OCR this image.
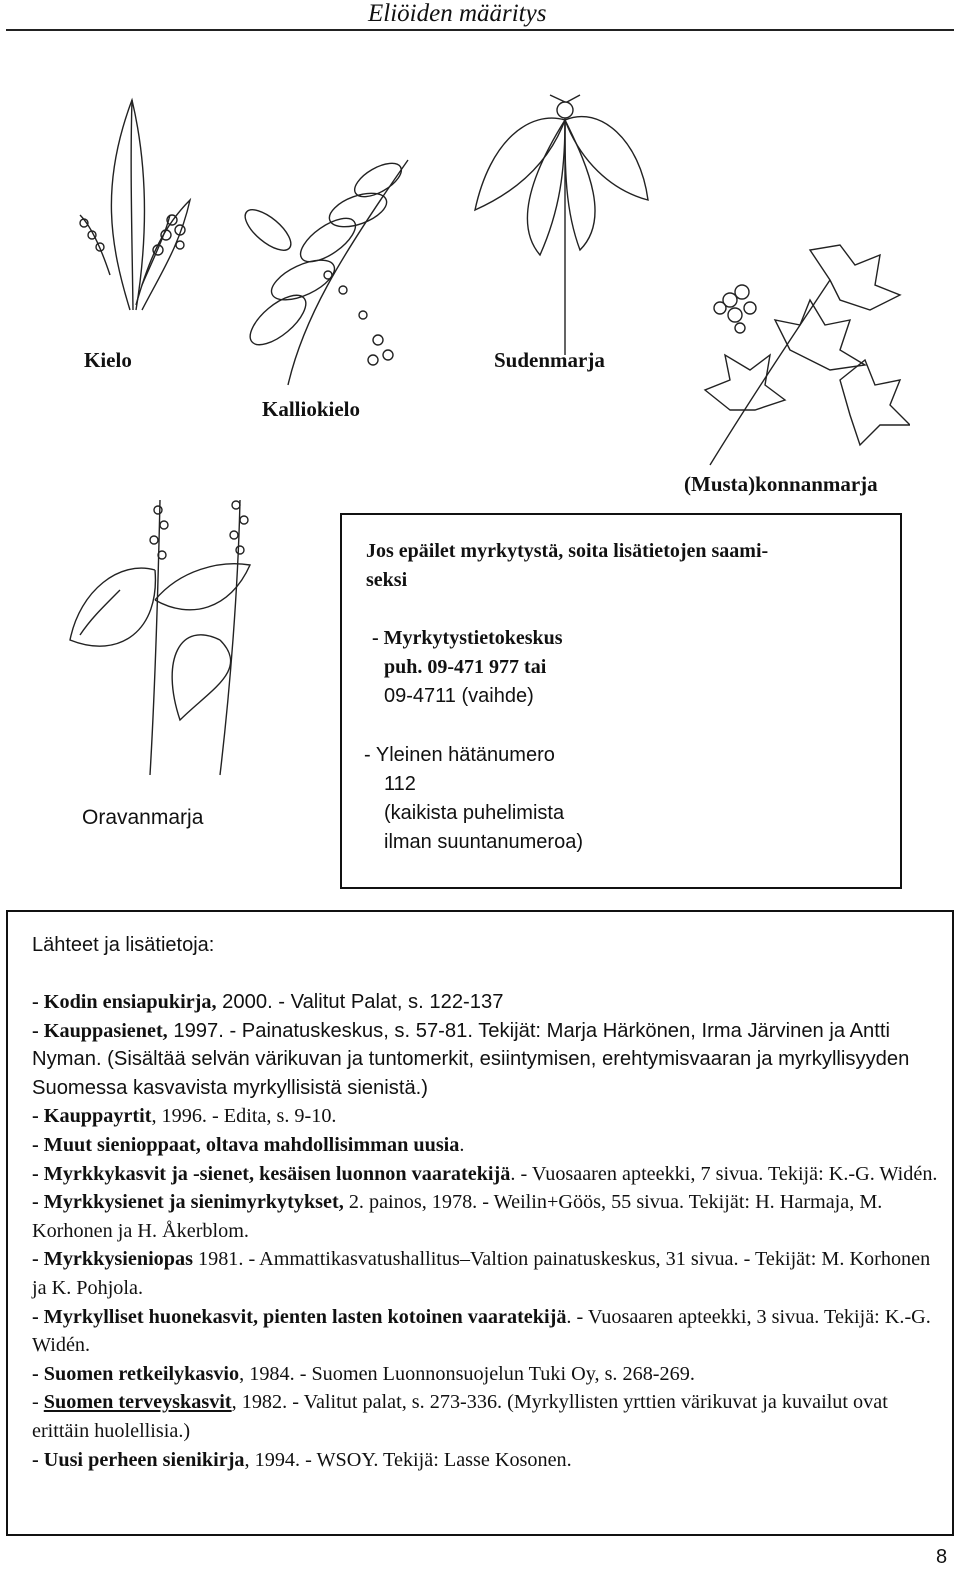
Eliöiden määritys
Kielo
Kalliokielo
Sudenmarja
(Musta)konnanmarja
Oravanmarja
Jos epäilet myrkytystä, soita lisätietojen saami-
seksi
- Myrkytystietokeskus
puh. 09-471 977 tai
09-4711 (vaihde)
- Yleinen hätänumero
112
(kaikista puhelimista
ilman suuntanumeroa)
Lähteet ja lisätietoja:
- Kodin ensiapukirja, 2000. - Valitut Palat, s. 122-137
- Kauppasienet, 1997. - Painatuskeskus, s. 57-81. Tekijät: Marja Härkönen, Irma Järvinen ja Antti Nyman. (Sisältää selvän värikuvan ja tuntomerkit, esiintymisen, erehtymisvaaran ja myrkyllisyyden Suomessa kasvavista myrkyllisistä sienistä.)
- Kauppayrtit, 1996. - Edita, s. 9-10.
- Muut sienioppaat, oltava mahdollisimman uusia.
- Myrkkykasvit ja -sienet, kesäisen luonnon vaaratekijä. - Vuosaaren apteekki, 7 sivua. Tekijä: K.-G. Widén.
- Myrkkysienet ja sienimyrkytykset, 2. painos, 1978. - Weilin+Göös, 55 sivua. Tekijät: H. Harmaja, M. Korhonen ja H. Åkerblom.
- Myrkkysieniopas 1981. - Ammattikasvatushallitus–Valtion painatuskeskus, 31 sivua. - Tekijät: M. Korhonen ja K. Pohjola.
- Myrkylliset huonekasvit, pienten lasten kotoinen vaaratekijä. - Vuosaaren apteekki, 3 sivua. Tekijä: K.-G. Widén.
- Suomen retkeilykasvio, 1984. - Suomen Luonnonsuojelun Tuki Oy, s. 268-269.
- Suomen terveyskasvit, 1982. - Valitut palat, s. 273-336. (Myrkyllisten yrttien värikuvat ja kuvailut ovat erittäin huolellisia.)
- Uusi perheen sienikirja, 1994. - WSOY. Tekijä: Lasse Kosonen.
8
